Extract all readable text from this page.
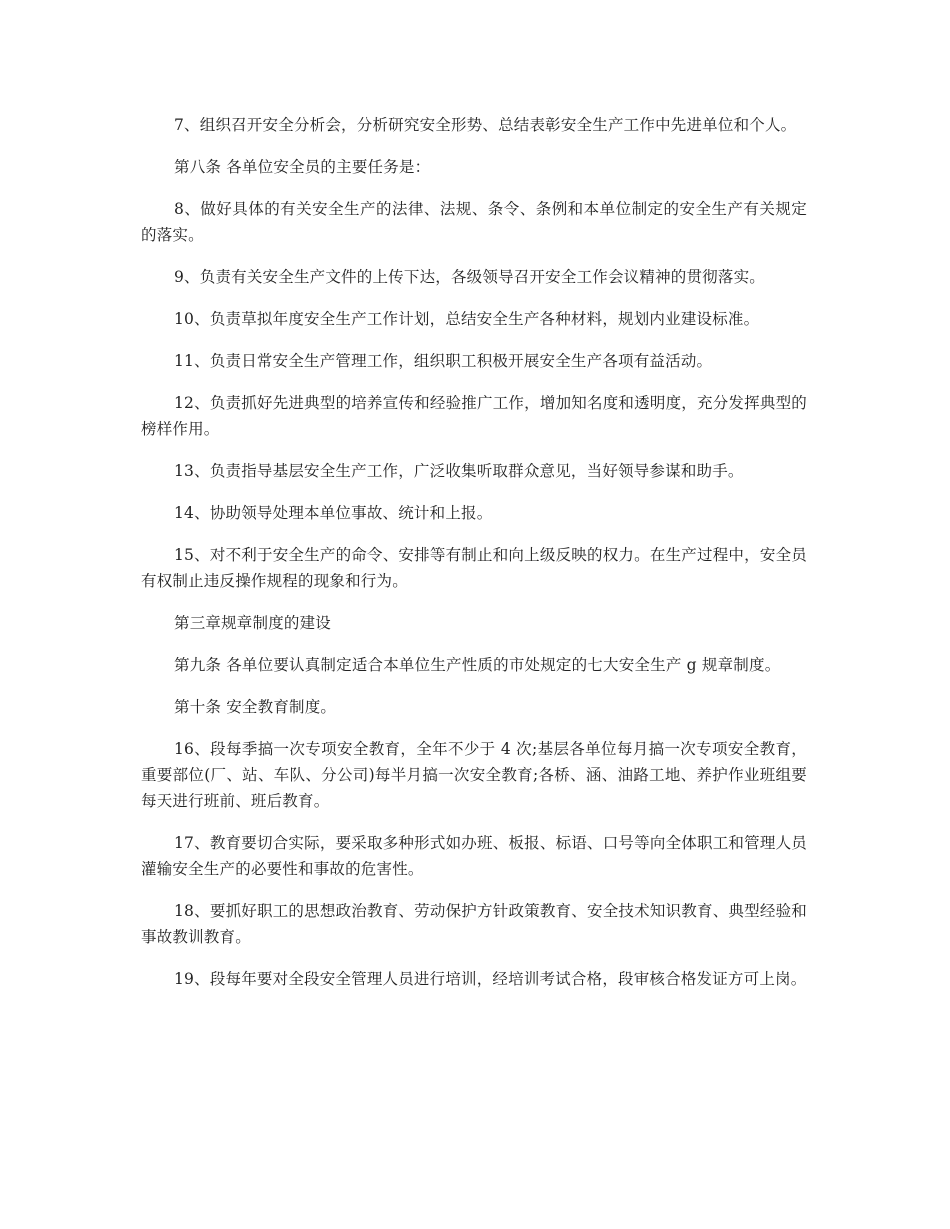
7、组织召开安全分析会，分析研究安全形势、总结表彰安全生产工作中先进单位和个人。

第八条 各单位安全员的主要任务是：

8、做好具体的有关安全生产的法律、法规、条令、条例和本单位制定的安全生产有关规定的落实。

9、负责有关安全生产文件的上传下达，各级领导召开安全工作会议精神的贯彻落实。

10、负责草拟年度安全生产工作计划，总结安全生产各种材料，规划内业建设标准。

11、负责日常安全生产管理工作，组织职工积极开展安全生产各项有益活动。

12、负责抓好先进典型的培养宣传和经验推广工作，增加知名度和透明度，充分发挥典型的榜样作用。

13、负责指导基层安全生产工作，广泛收集听取群众意见，当好领导参谋和助手。

14、协助领导处理本单位事故、统计和上报。

15、对不利于安全生产的命令、安排等有制止和向上级反映的权力。在生产过程中，安全员有权制止违反操作规程的现象和行为。

第三章规章制度的建设

第九条 各单位要认真制定适合本单位生产性质的市处规定的七大安全生产 g 规章制度。

第十条 安全教育制度。

16、段每季搞一次专项安全教育，全年不少于 4 次;基层各单位每月搞一次专项安全教育，重要部位(厂、站、车队、分公司)每半月搞一次安全教育;各桥、涵、油路工地、养护作业班组要每天进行班前、班后教育。

17、教育要切合实际，要采取多种形式如办班、板报、标语、口号等向全体职工和管理人员灌输安全生产的必要性和事故的危害性。

18、要抓好职工的思想政治教育、劳动保护方针政策教育、安全技术知识教育、典型经验和事故教训教育。

19、段每年要对全段安全管理人员进行培训，经培训考试合格，段审核合格发证方可上岗。
